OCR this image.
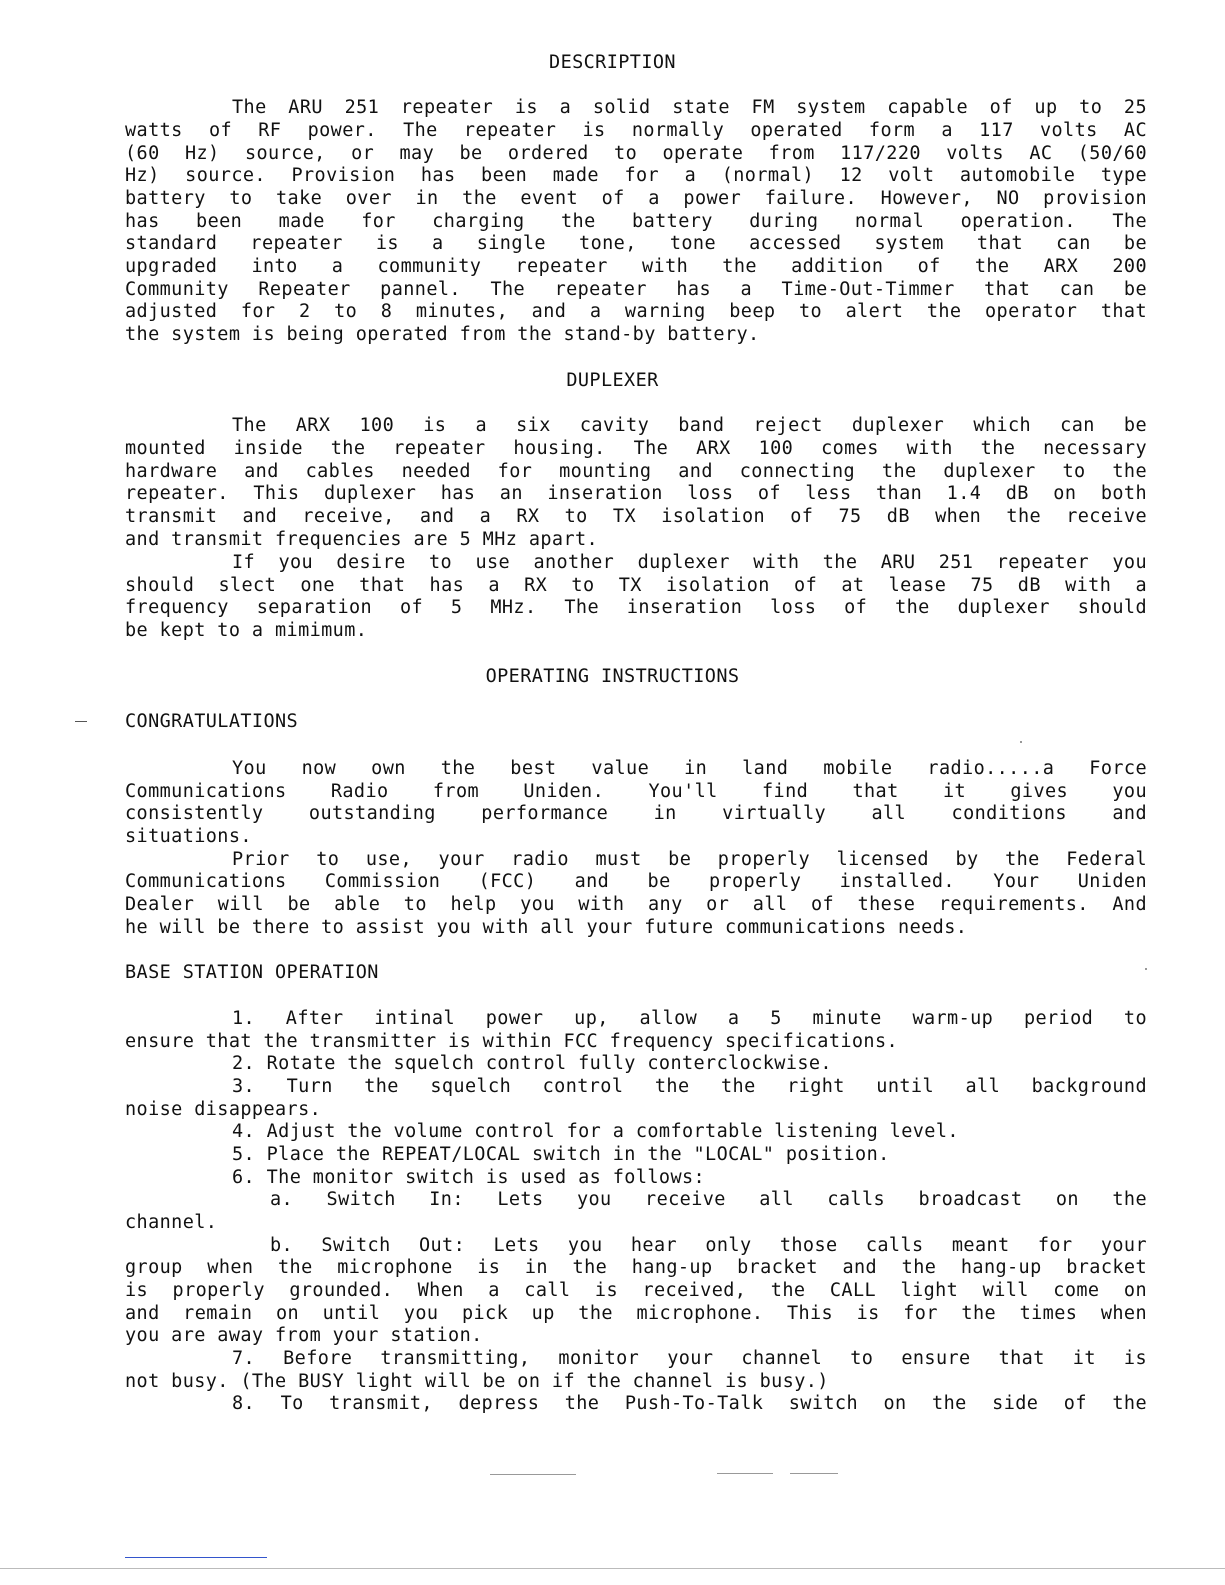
DESCRIPTION
The ARU 251 repeater is a solid state FM system capable of up to 25
watts of RF power. The repeater is normally operated form a 117 volts AC
(60 Hz) source, or may be ordered to operate from 117/220 volts AC (50/60
Hz) source. Provision has been made for a (normal) 12 volt automobile type
battery to take over in the event of a power failure. However, NO provision
has been made for charging the battery during normal operation. The
standard repeater is a single tone, tone accessed system that can be
upgraded into a community repeater with the addition of the ARX 200
Community Repeater pannel. The repeater has a Time-Out-Timmer that can be
adjusted for 2 to 8 minutes, and a warning beep to alert the operator that
the system is being operated from the stand-by battery.
DUPLEXER
The ARX 100 is a six cavity band reject duplexer which can be
mounted inside the repeater housing. The ARX 100 comes with the necessary
hardware and cables needed for mounting and connecting the duplexer to the
repeater. This duplexer has an inseration loss of less than 1.4 dB on both
transmit and receive, and a RX to TX isolation of 75 dB when the receive
and transmit frequencies are 5 MHz apart.
If you desire to use another duplexer with the ARU 251 repeater you
should slect one that has a RX to TX isolation of at lease 75 dB with a
frequency separation of 5 MHz. The inseration loss of the duplexer should
be kept to a mimimum.
OPERATING INSTRUCTIONS
CONGRATULATIONS
You now own the best value in land mobile radio.....a Force
Communications Radio from Uniden. You'll find that it gives you
consistently outstanding performance in virtually all conditions and
situations.
Prior to use, your radio must be properly licensed by the Federal
Communications Commission (FCC) and be properly installed. Your Uniden
Dealer will be able to help you with any or all of these requirements. And
he will be there to assist you with all your future communications needs.
BASE STATION OPERATION
1. After intinal power up, allow a 5 minute warm-up period to
ensure that the transmitter is within FCC frequency specifications.
2. Rotate the squelch control fully conterclockwise.
3. Turn the squelch control the the right until all background
noise disappears.
4. Adjust the volume control for a comfortable listening level.
5. Place the REPEAT/LOCAL switch in the "LOCAL" position.
6. The monitor switch is used as follows:
a. Switch In: Lets you receive all calls broadcast on the
channel.
b. Switch Out: Lets you hear only those calls meant for your
group when the microphone is in the hang-up bracket and the hang-up bracket
is properly grounded. When a call is received, the CALL light will come on
and remain on until you pick up the microphone. This is for the times when
you are away from your station.
7. Before transmitting, monitor your channel to ensure that it is
not busy. (The BUSY light will be on if the channel is busy.)
8. To transmit, depress the Push-To-Talk switch on the side of the
